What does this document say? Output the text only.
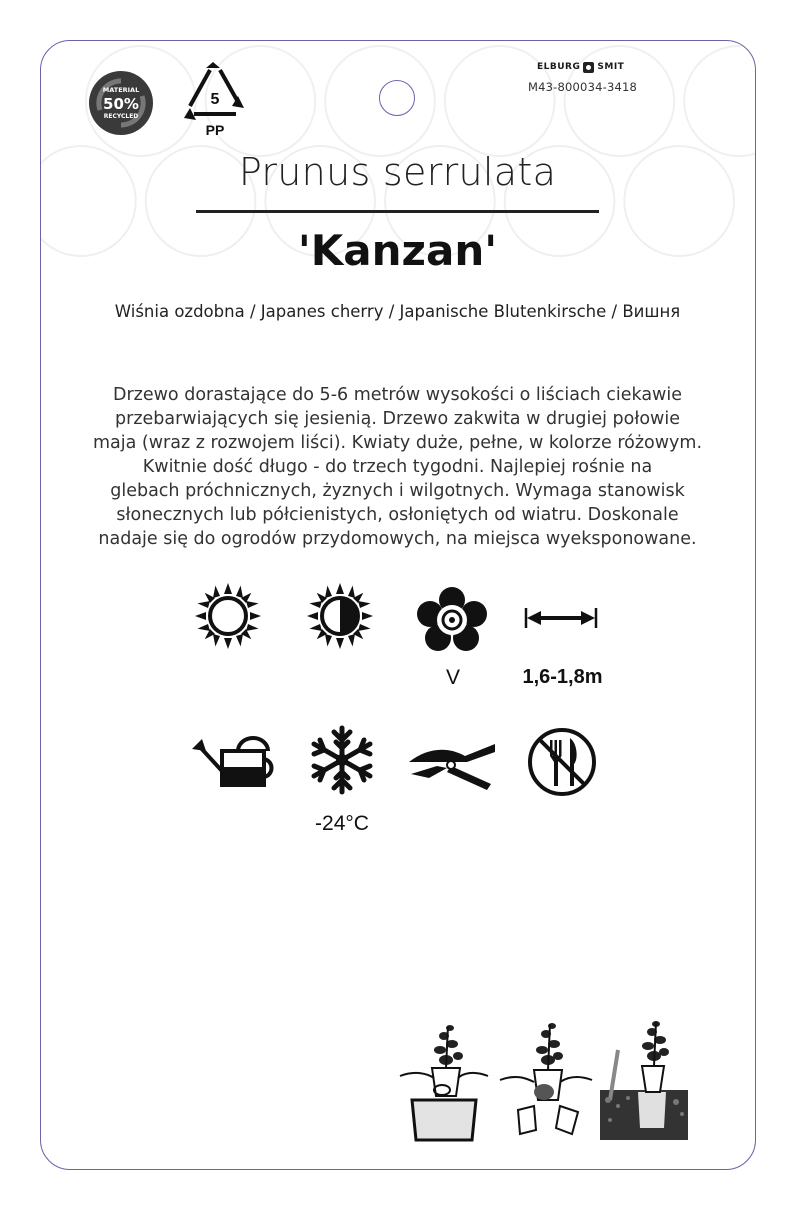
MATERIAL
50%
RECYCLED
5
PP
ELBURG SMIT
M43-800034-3418
Prunus serrulata
'Kanzan'
Wiśnia ozdobna / Japanes cherry / Japanische Blutenkirsche / Вишня
Drzewo dorastające do 5-6 metrów wysokości o liściach ciekawie
przebarwiających się jesienią. Drzewo zakwita w drugiej połowie
maja (wraz z rozwojem liści). Kwiaty duże, pełne, w kolorze różowym.
Kwitnie dość długo - do trzech tygodni. Najlepiej rośnie na
glebach próchnicznych, żyznych i wilgotnych. Wymaga stanowisk
słonecznych lub półcienistych, osłoniętych od wiatru. Doskonale
nadaje się do ogrodów przydomowych, na miejsca wyeksponowane.
V	1,6-1,8m
-24°C
